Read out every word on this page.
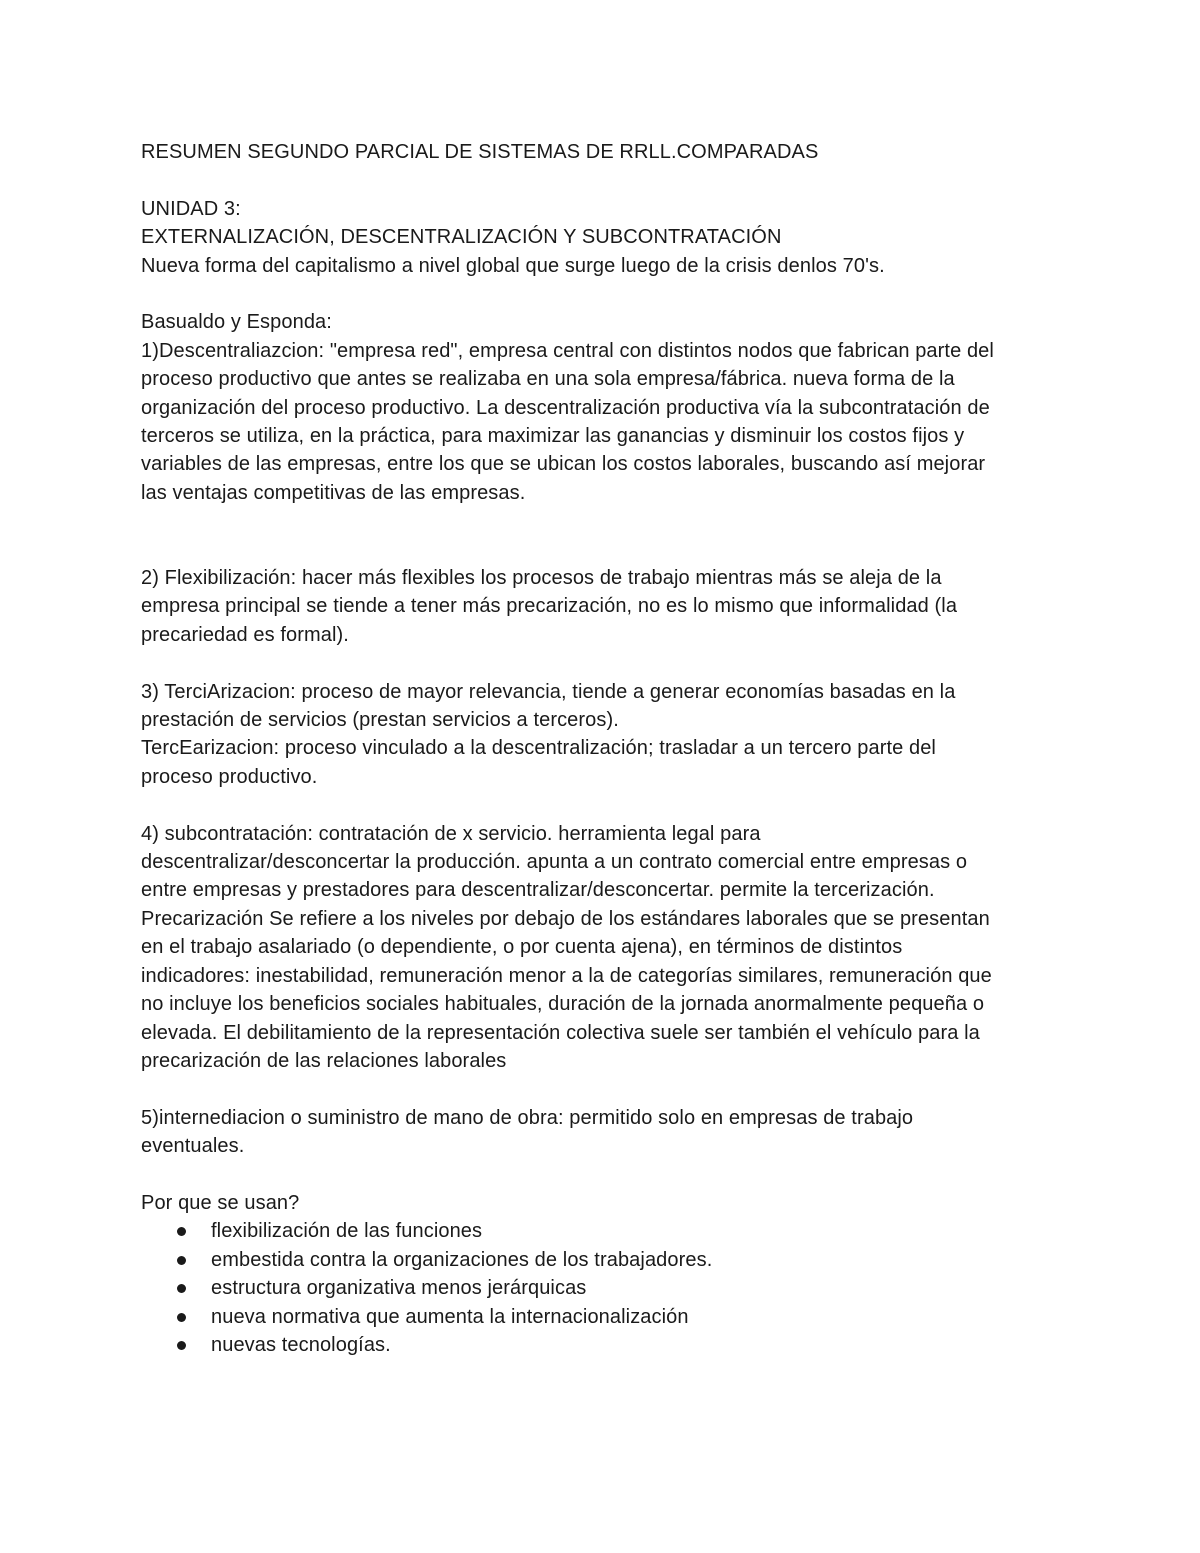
RESUMEN SEGUNDO PARCIAL DE SISTEMAS DE RRLL.COMPARADAS
UNIDAD 3:
EXTERNALIZACIÓN, DESCENTRALIZACIÓN Y SUBCONTRATACIÓN
Nueva forma del capitalismo a nivel global que surge luego de la crisis denlos 70's.
Basualdo y Esponda:
1)Descentraliazcion: "empresa red", empresa central con distintos nodos que fabrican parte del
proceso productivo que antes se realizaba en una sola empresa/fábrica. nueva forma de la
organización del proceso productivo. La descentralización productiva vía la subcontratación de
terceros se utiliza, en la práctica, para maximizar las ganancias y disminuir los costos fijos y
variables de las empresas, entre los que se ubican los costos laborales, buscando así mejorar
las ventajas competitivas de las empresas.
2) Flexibilización: hacer más flexibles los procesos de trabajo mientras más se aleja de la
empresa principal se tiende a tener más precarización, no es lo mismo que informalidad (la
precariedad es formal).
3) TerciArizacion: proceso de mayor relevancia, tiende a generar economías basadas en la
prestación de servicios (prestan servicios a terceros).
TercEarizacion: proceso vinculado a la descentralización; trasladar a un tercero parte del
proceso productivo.
4) subcontratación: contratación de x servicio. herramienta legal para
descentralizar/desconcertar la producción. apunta a un contrato comercial entre empresas o
entre empresas y prestadores para descentralizar/desconcertar. permite la tercerización.
Precarización Se refiere a los niveles por debajo de los estándares laborales que se presentan
en el trabajo asalariado (o dependiente, o por cuenta ajena), en términos de distintos
indicadores: inestabilidad, remuneración menor a la de categorías similares, remuneración que
no incluye los beneficios sociales habituales, duración de la jornada anormalmente pequeña o
elevada. El debilitamiento de la representación colectiva suele ser también el vehículo para la
precarización de las relaciones laborales
5)internediacion o suministro de mano de obra: permitido solo en empresas de trabajo
eventuales.
Por que se usan?
flexibilización de las funciones
embestida contra la organizaciones de los trabajadores.
estructura organizativa menos jerárquicas
nueva normativa que aumenta la internacionalización
nuevas tecnologías.
